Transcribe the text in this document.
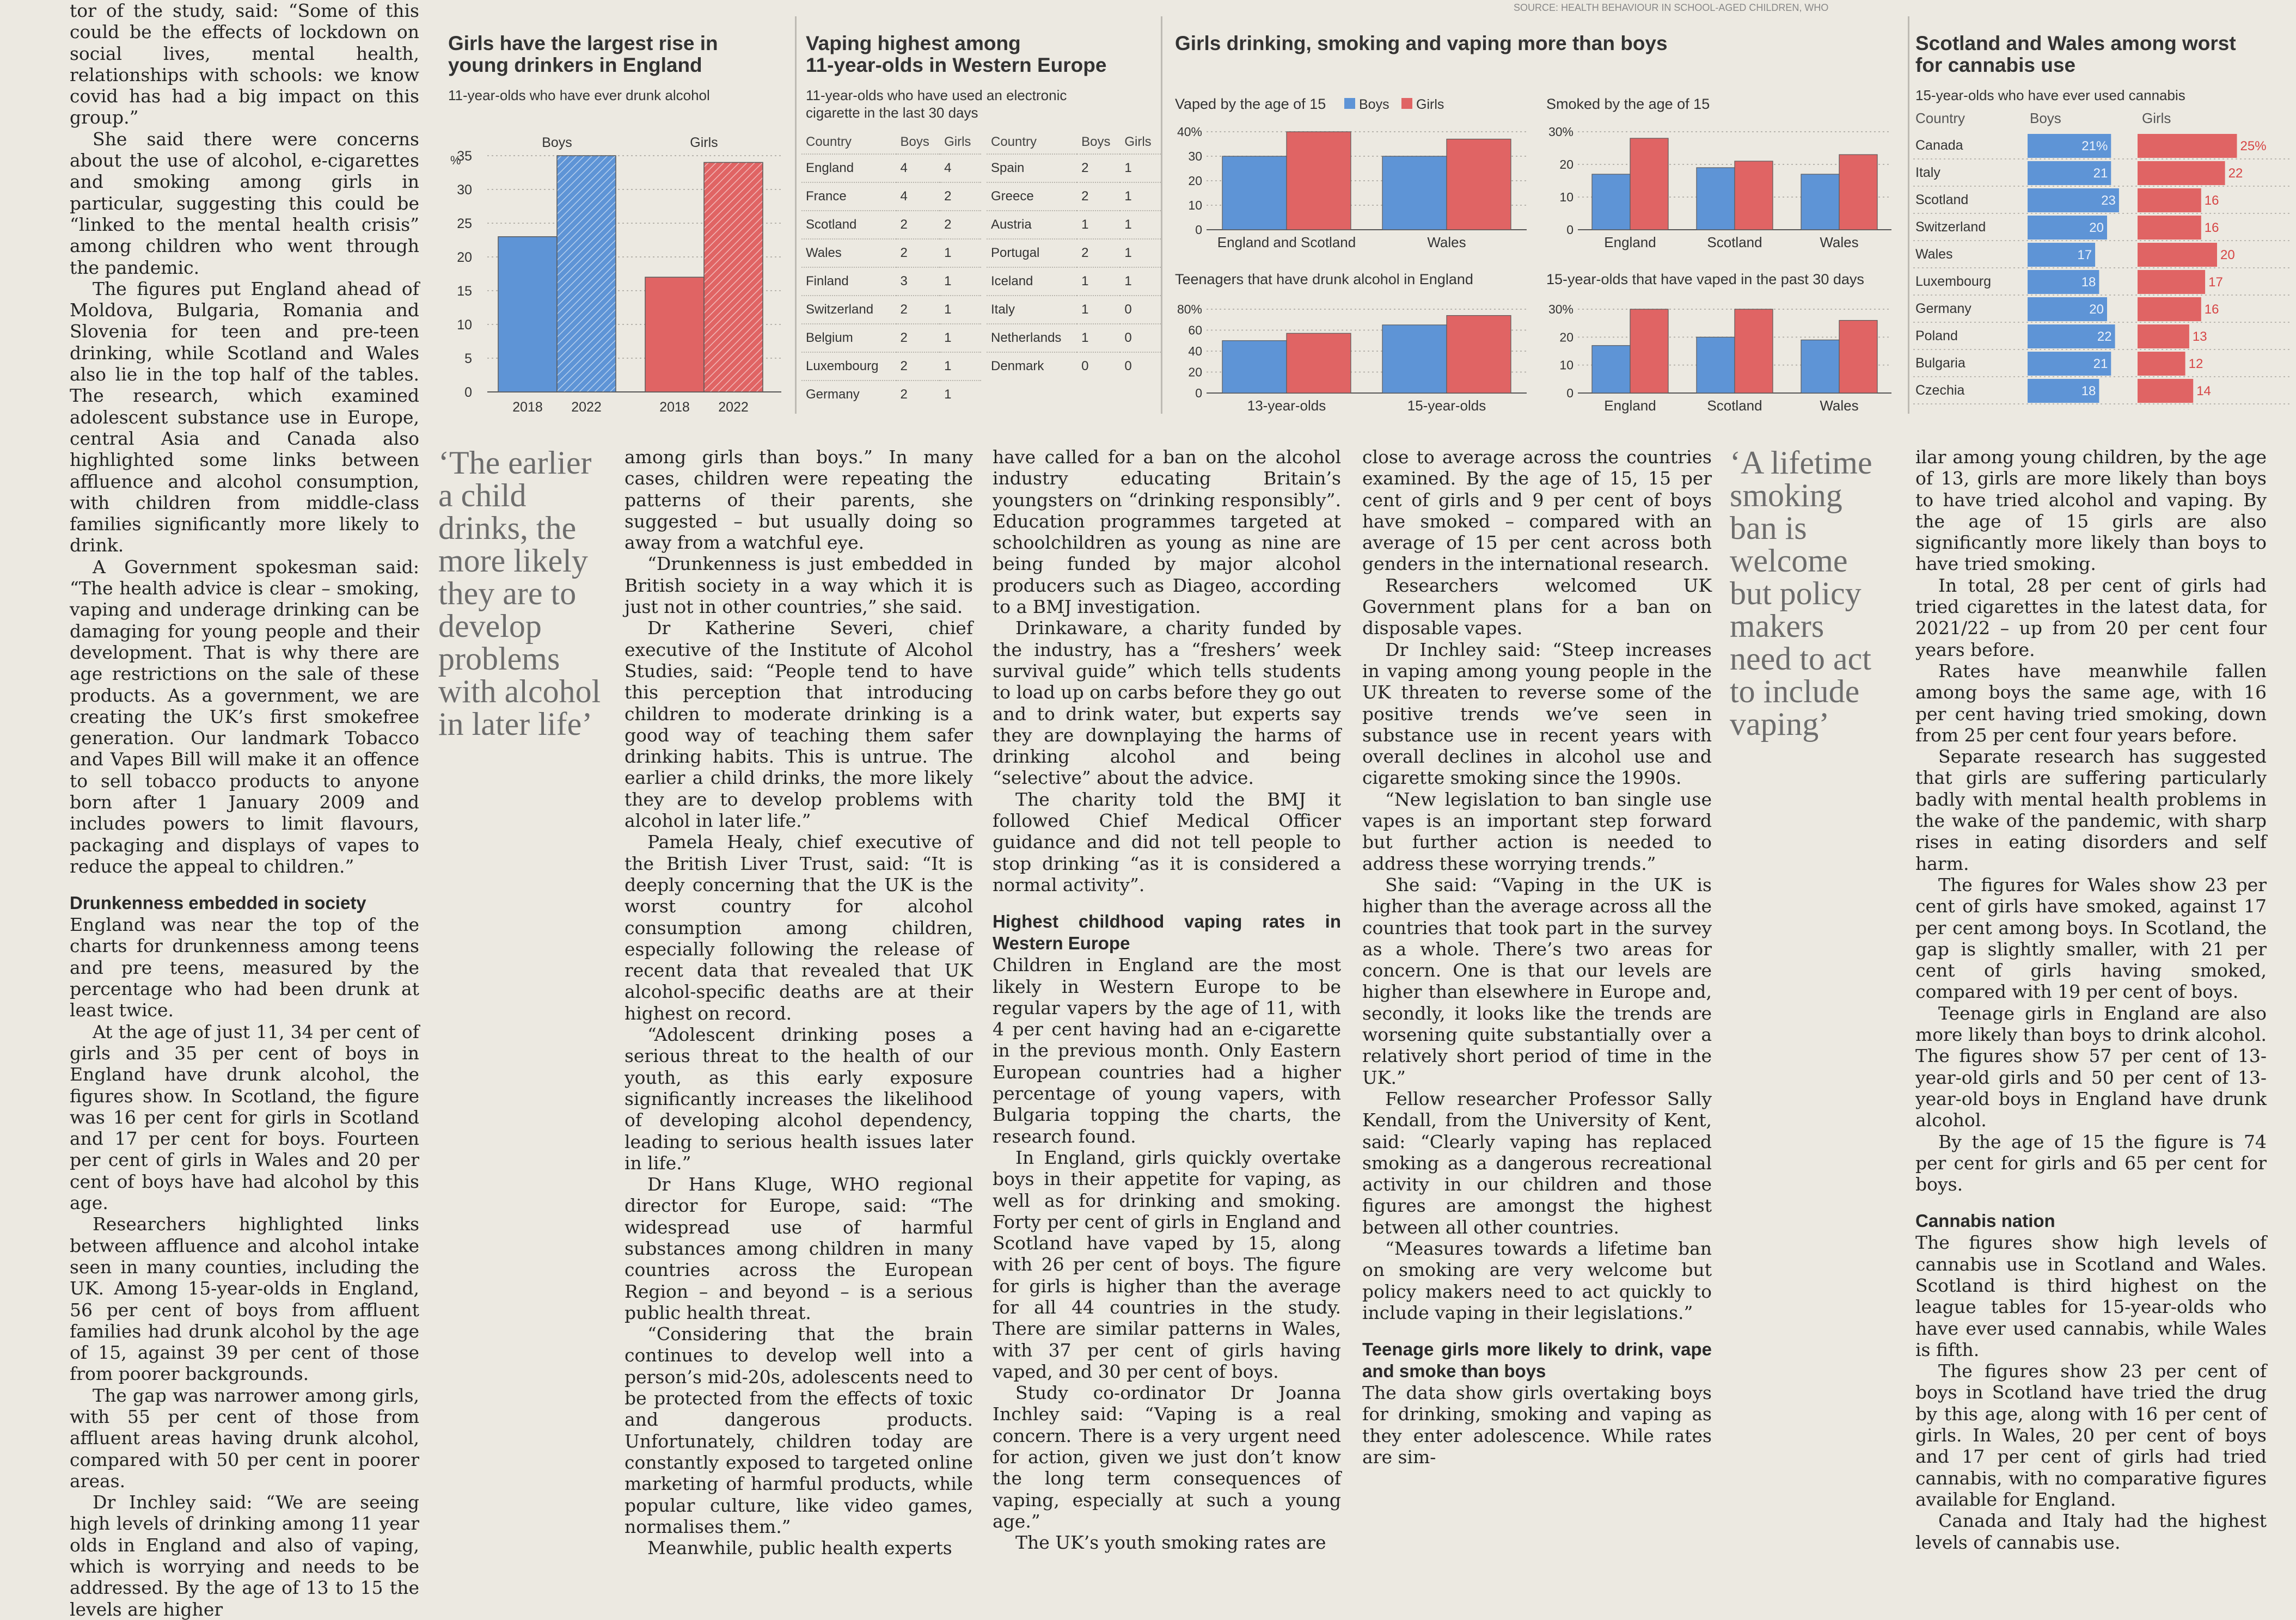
SOURCE: HEALTH BEHAVIOUR IN SCHOOL-AGED CHILDREN, WHO
Girls have the largest rise in
young drinkers in England
11-year-olds who have ever drunk alcohol
%
35
30
25
20
15
10
5
0
Boys
2018 2022
Girls
2018 2022
Vaping highest among
11-year-olds in Western Europe
11-year-olds who have used an electronic
cigarette in the last 30 days
Country	Boys	Girls
England	4	4
France	4	2
Scotland	2	2
Wales	2	1
Finland	3	1
Switzerland	2	1
Belgium	2	1
Luxembourg	2	1
Germany	2	1
Country	Boys	Girls
Spain	2	1
Greece	2	1
Austria	1	1
Portugal	2	1
Iceland	1	1
Italy	1	0
Netherlands	1	0
Denmark	0	0
Girls drinking, smoking and vaping more than boys
Vaped by the age of 15 Boys Girls
40%
30
20
10
0
England and Scotland	Wales
Smoked by the age of 15
30%
20
10
0
England	Scotland	Wales
Teenagers that have drunk alcohol in England
80%
60
40
20
0
13-year-olds	15-year-olds
15-year-olds that have vaped in the past 30 days
30%
20
10
0
England	Scotland	Wales
Scotland and Wales among worst
for cannabis use
15-year-olds who have ever used cannabis
Country	Boys	Girls
Canada	21%	25%
Italy	21	22
Scotland	23	16
Switzerland	20	16
Wales	17	20
Luxembourg	18	17
Germany	20	16
Poland	22	13
Bulgaria	21	12
Czechia	18	14

tor of the study, said: “Some of this could be the effects of lockdown on social lives, mental health, relationships with schools: we know covid has had a big impact on this group.”

She said there were concerns about the use of alcohol, e-cigarettes and smoking among girls in particular, suggesting this could be “linked to the mental health crisis” among children who went through the pandemic.

The figures put England ahead of Moldova, Bulgaria, Romania and Slovenia for teen and pre-teen drinking, while Scotland and Wales also lie in the top half of the tables. The research, which examined adolescent substance use in Europe, central Asia and Canada also highlighted some links between affluence and alcohol consumption, with children from middle-class families significantly more likely to drink.

A Government spokesman said: “The health advice is clear – smoking, vaping and underage drinking can be damaging for young people and their development. That is why there are age restrictions on the sale of these products. As a government, we are creating the UK’s first smokefree generation. Our landmark Tobacco and Vapes Bill will make it an offence to sell tobacco products to anyone born after 1 January 2009 and includes powers to limit flavours, packaging and displays of vapes to reduce the appeal to children.”

Drunkenness embedded in society

England was near the top of the charts for drunkenness among teens and pre teens, measured by the percentage who had been drunk at least twice.

At the age of just 11, 34 per cent of girls and 35 per cent of boys in England have drunk alcohol, the figures show. In Scotland, the figure was 16 per cent for girls in Scotland and 17 per cent for boys. Fourteen per cent of girls in Wales and 20 per cent of boys have had alcohol by this age.

Researchers highlighted links between affluence and alcohol intake seen in many counties, including the UK. Among 15-year-olds in England, 56 per cent of boys from affluent families had drunk alcohol by the age of 15, against 39 per cent of those from poorer backgrounds.

The gap was narrower among girls, with 55 per cent of those from affluent areas having drunk alcohol, compared with 50 per cent in poorer areas.

Dr Inchley said: “We are seeing high levels of drinking among 11 year olds in England and also of vaping, which is worrying and needs to be addressed. By the age of 13 to 15 the levels are higher

‘The earlier
a child
drinks, the
more likely
they are to
develop
problems
with alcohol
in later life’

among girls than boys.” In many cases, children were repeating the patterns of their parents, she suggested – but usually doing so away from a watchful eye.

“Drunkenness is just embedded in British society in a way which it is just not in other countries,” she said.

Dr Katherine Severi, chief executive of the Institute of Alcohol Studies, said: “People tend to have this perception that introducing children to moderate drinking is a good way of teaching them safer drinking habits. This is untrue. The earlier a child drinks, the more likely they are to develop problems with alcohol in later life.”

Pamela Healy, chief executive of the British Liver Trust, said: “It is deeply concerning that the UK is the worst country for alcohol consumption among children, especially following the release of recent data that revealed that UK alcohol-specific deaths are at their highest on record.

“Adolescent drinking poses a serious threat to the health of our youth, as this early exposure significantly increases the likelihood of developing alcohol dependency, leading to serious health issues later in life.”

Dr Hans Kluge, WHO regional director for Europe, said: “The widespread use of harmful substances among children in many countries across the European Region – and beyond – is a serious public health threat.

“Considering that the brain continues to develop well into a person’s mid-20s, adolescents need to be protected from the effects of toxic and dangerous products. Unfortunately, children today are constantly exposed to targeted online marketing of harmful products, while popular culture, like video games, normalises them.”

Meanwhile, public health experts

have called for a ban on the alcohol industry educating Britain’s youngsters on “drinking responsibly”. Education programmes targeted at schoolchildren as young as nine are being funded by major alcohol producers such as Diageo, according to a BMJ investigation.

Drinkaware, a charity funded by the industry, has a “freshers’ week survival guide” which tells students to load up on carbs before they go out and to drink water, but experts say they are downplaying the harms of drinking alcohol and being “selective” about the advice.

The charity told the BMJ it followed Chief Medical Officer guidance and did not tell people to stop drinking “as it is considered a normal activity”.

Highest childhood vaping rates in Western Europe

Children in England are the most likely in Western Europe to be regular vapers by the age of 11, with 4 per cent having had an e-cigarette in the previous month. Only Eastern European countries had a higher percentage of young vapers, with Bulgaria topping the charts, the research found.

In England, girls quickly overtake boys in their appetite for vaping, as well as for drinking and smoking. Forty per cent of girls in England and Scotland have vaped by 15, along with 26 per cent of boys. The figure for girls is higher than the average for all 44 countries in the study. There are similar patterns in Wales, with 37 per cent of girls having vaped, and 30 per cent of boys.

Study co-ordinator Dr Joanna Inchley said: “Vaping is a real concern. There is a very urgent need for action, given we just don’t know the long term consequences of vaping, especially at such a young age.”

The UK’s youth smoking rates are

close to average across the countries examined. By the age of 15, 15 per cent of girls and 9 per cent of boys have smoked – compared with an average of 15 per cent across both genders in the international research.

Researchers welcomed UK Government plans for a ban on disposable vapes.

Dr Inchley said: “Steep increases in vaping among young people in the UK threaten to reverse some of the positive trends we’ve seen in substance use in recent years with overall declines in alcohol use and cigarette smoking since the 1990s.

“New legislation to ban single use vapes is an important step forward but further action is needed to address these worrying trends.”

She said: “Vaping in the UK is higher than the average across all the countries that took part in the survey as a whole. There’s two areas for concern. One is that our levels are higher than elsewhere in Europe and, secondly, it looks like the trends are worsening quite substantially over a relatively short period of time in the UK.”

Fellow researcher Professor Sally Kendall, from the University of Kent, said: “Clearly vaping has replaced smoking as a dangerous recreational activity in our children and those figures are amongst the highest between all other countries.

“Measures towards a lifetime ban on smoking are very welcome but policy makers need to act quickly to include vaping in their legislations.”

Teenage girls more likely to drink, vape and smoke than boys

The data show girls overtaking boys for drinking, smoking and vaping as they enter adolescence. While rates are sim-

‘A lifetime
smoking
ban is
welcome
but policy
makers
need to act
to include
vaping’

ilar among young children, by the age of 13, girls are more likely than boys to have tried alcohol and vaping. By the age of 15 girls are also significantly more likely than boys to have tried smoking.

In total, 28 per cent of girls had tried cigarettes in the latest data, for 2021/22 – up from 20 per cent four years before.

Rates have meanwhile fallen among boys the same age, with 16 per cent having tried smoking, down from 25 per cent four years before.

Separate research has suggested that girls are suffering particularly badly with mental health problems in the wake of the pandemic, with sharp rises in eating disorders and self harm.

The figures for Wales show 23 per cent of girls have smoked, against 17 per cent among boys. In Scotland, the gap is slightly smaller, with 21 per cent of girls having smoked, compared with 19 per cent of boys.

Teenage girls in England are also more likely than boys to drink alcohol. The figures show 57 per cent of 13-year-old girls and 50 per cent of 13-year-old boys in England have drunk alcohol.

By the age of 15 the figure is 74 per cent for girls and 65 per cent for boys.

Cannabis nation

The figures show high levels of cannabis use in Scotland and Wales. Scotland is third highest on the league tables for 15-year-olds who have ever used cannabis, while Wales is fifth.

The figures show 23 per cent of boys in Scotland have tried the drug by this age, along with 16 per cent of girls. In Wales, 20 per cent of boys and 17 per cent of girls had tried cannabis, with no comparative figures available for England.

Canada and Italy had the highest levels of cannabis use.
